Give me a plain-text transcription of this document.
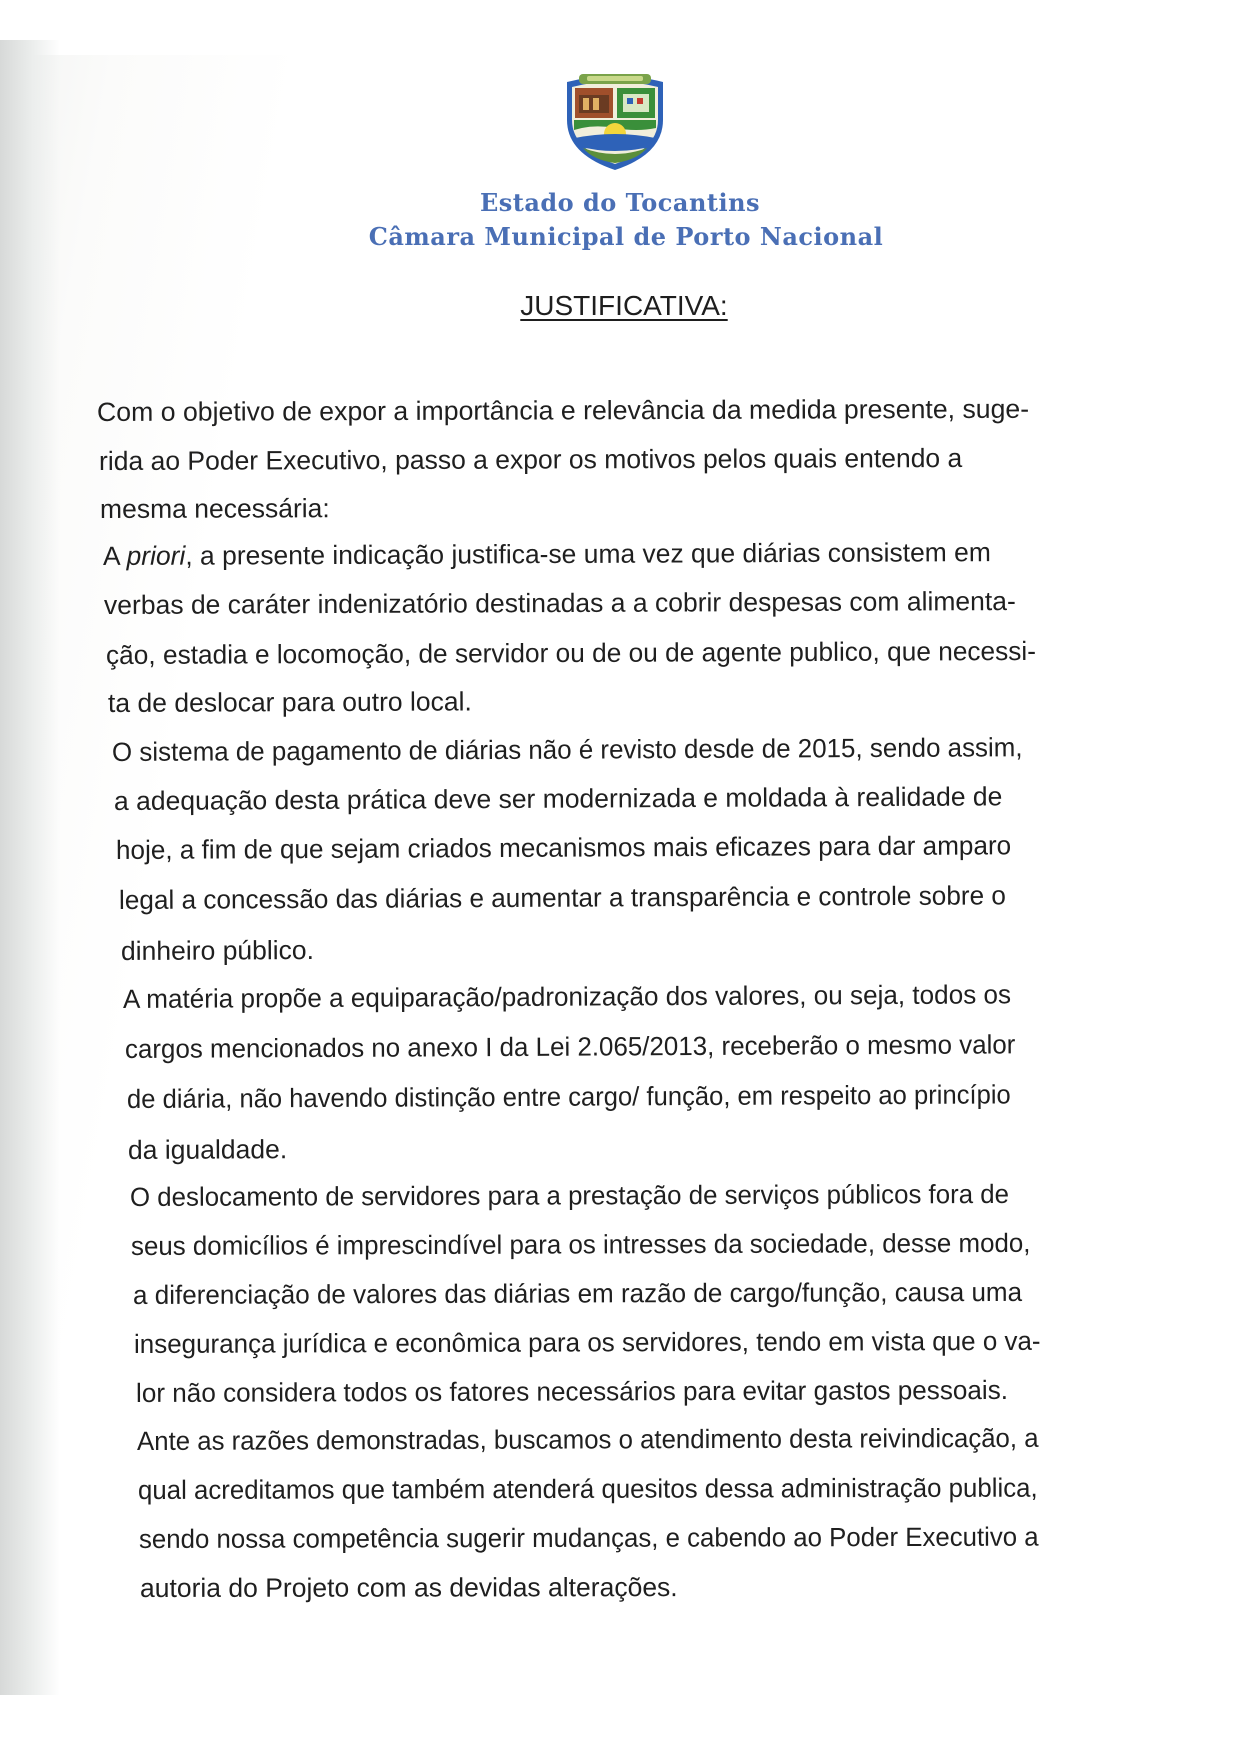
Estado do Tocantins
Câmara Municipal de Porto Nacional
JUSTIFICATIVA:
Com o objetivo de expor a importância e relevância da medida presente, suge-
rida ao Poder Executivo, passo a expor os motivos pelos quais entendo a
mesma necessária:
A priori, a presente indicação justifica-se uma vez que diárias consistem em
verbas de caráter indenizatório destinadas a a cobrir despesas com alimenta-
ção, estadia e locomoção, de servidor ou de ou de agente publico, que necessi-
ta de deslocar para outro local.
O sistema de pagamento de diárias não é revisto desde de 2015, sendo assim,
a adequação desta prática deve ser modernizada e moldada à realidade de
hoje, a fim de que sejam criados mecanismos mais eficazes para dar amparo
legal a concessão das diárias e aumentar a transparência e controle sobre o
dinheiro público.
A matéria propõe a equiparação/padronização dos valores, ou seja, todos os
cargos mencionados no anexo I da Lei 2.065/2013, receberão o mesmo valor
de diária, não havendo distinção entre cargo/ função, em respeito ao princípio
da igualdade.
O deslocamento de servidores para a prestação de serviços públicos fora de
seus domicílios é imprescindível para os intresses da sociedade, desse modo,
a diferenciação de valores das diárias em razão de cargo/função, causa uma
insegurança jurídica e econômica para os servidores, tendo em vista que o va-
lor não considera todos os fatores necessários para evitar gastos pessoais.
Ante as razões demonstradas, buscamos o atendimento desta reivindicação, a
qual acreditamos que também atenderá quesitos dessa administração publica,
sendo nossa competência sugerir mudanças, e cabendo ao Poder Executivo a
autoria do Projeto com as devidas alterações.
